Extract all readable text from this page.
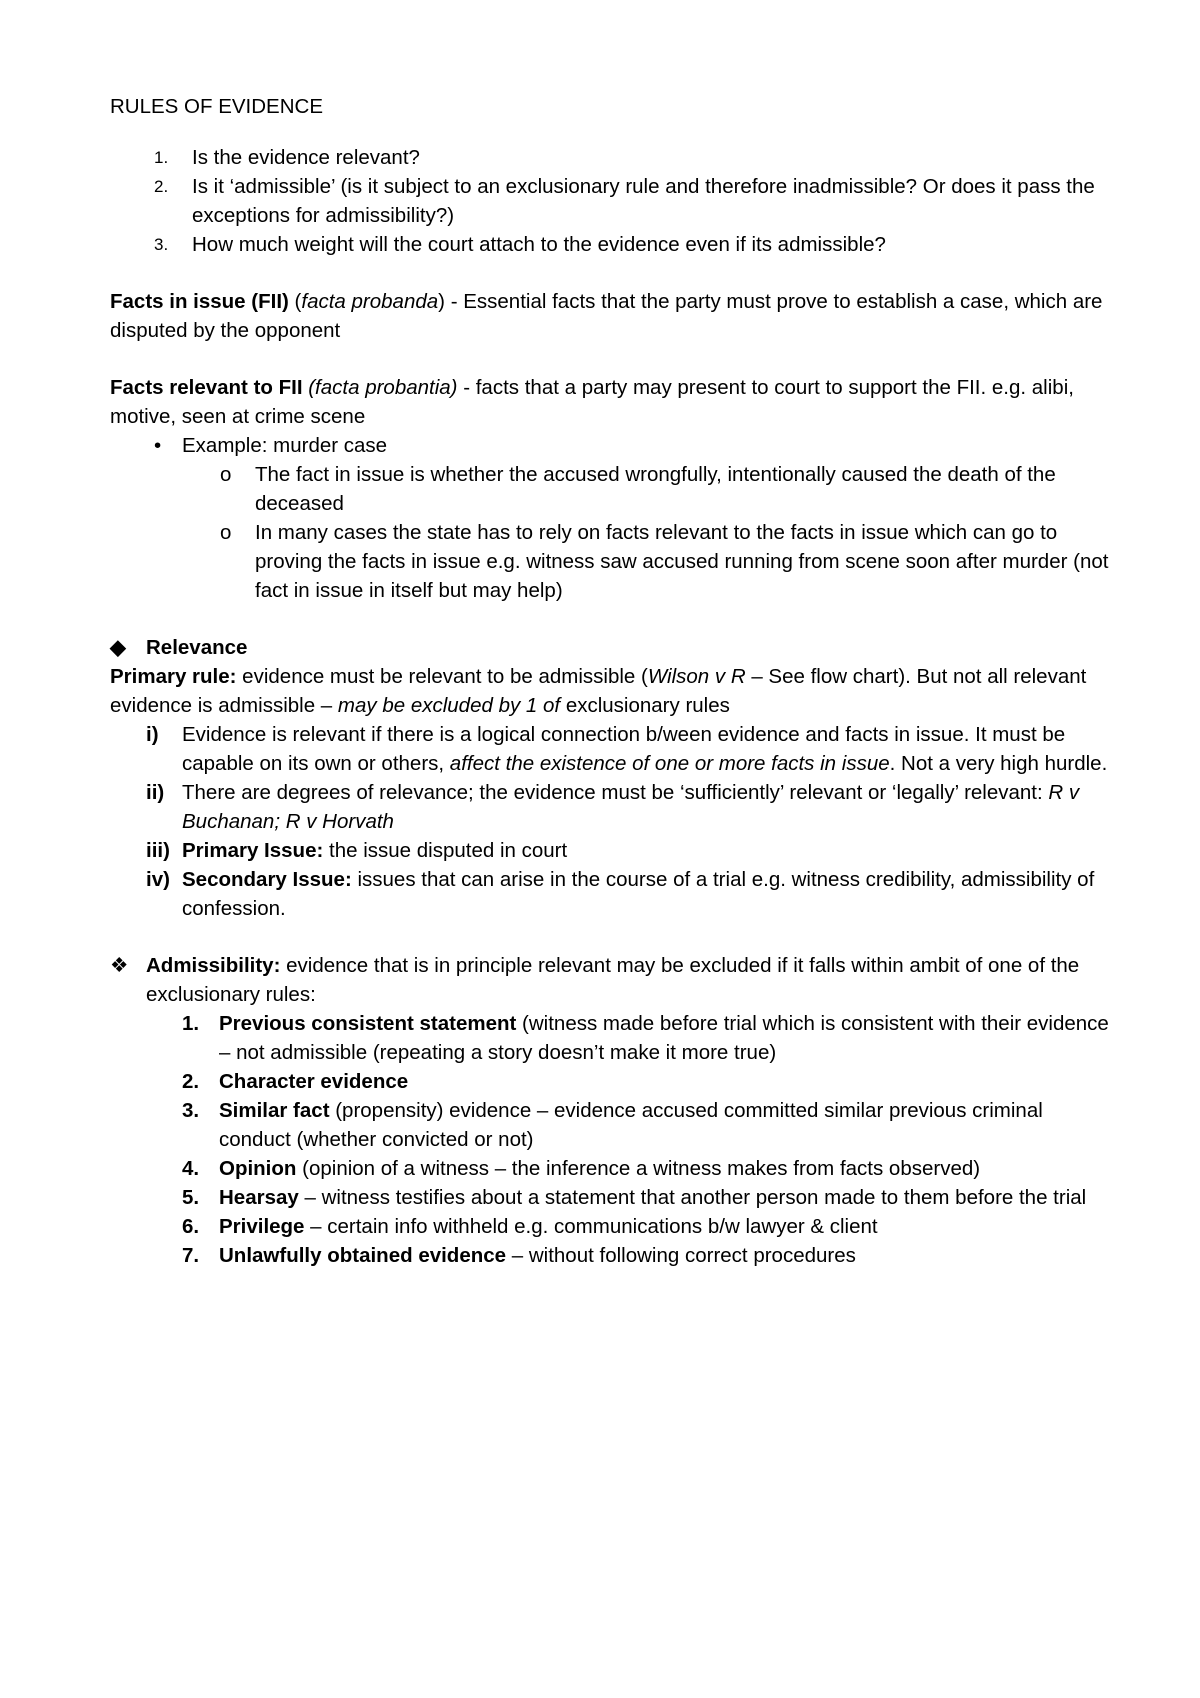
RULES OF EVIDENCE
1. Is the evidence relevant?
2. Is it ‘admissible’ (is it subject to an exclusionary rule and therefore inadmissible? Or does it pass the exceptions for admissibility?)
3. How much weight will the court attach to the evidence even if its admissible?
Facts in issue (FII) (facta probanda) - Essential facts that the party must prove to establish a case, which are disputed by the opponent
Facts relevant to FII (facta probantia) - facts that a party may present to court to support the FII. e.g. alibi, motive, seen at crime scene
• Example: murder case
o The fact in issue is whether the accused wrongfully, intentionally caused the death of the deceased
o In many cases the state has to rely on facts relevant to the facts in issue which can go to proving the facts in issue e.g. witness saw accused running from scene soon after murder (not fact in issue in itself but may help)
◆ Relevance
Primary rule: evidence must be relevant to be admissible (Wilson v R – See flow chart). But not all relevant evidence is admissible – may be excluded by 1 of exclusionary rules
i) Evidence is relevant if there is a logical connection b/ween evidence and facts in issue. It must be capable on its own or others, affect the existence of one or more facts in issue. Not a very high hurdle.
ii) There are degrees of relevance; the evidence must be ‘sufficiently’ relevant or ‘legally’ relevant: R v Buchanan; R v Horvath
iii) Primary Issue: the issue disputed in court
iv) Secondary Issue: issues that can arise in the course of a trial e.g. witness credibility, admissibility of confession.
❖ Admissibility: evidence that is in principle relevant may be excluded if it falls within ambit of one of the exclusionary rules:
1. Previous consistent statement (witness made before trial which is consistent with their evidence – not admissible (repeating a story doesn’t make it more true)
2. Character evidence
3. Similar fact (propensity) evidence – evidence accused committed similar previous criminal conduct (whether convicted or not)
4. Opinion (opinion of a witness – the inference a witness makes from facts observed)
5. Hearsay – witness testifies about a statement that another person made to them before the trial
6. Privilege – certain info withheld e.g. communications b/w lawyer & client
7. Unlawfully obtained evidence – without following correct procedures
